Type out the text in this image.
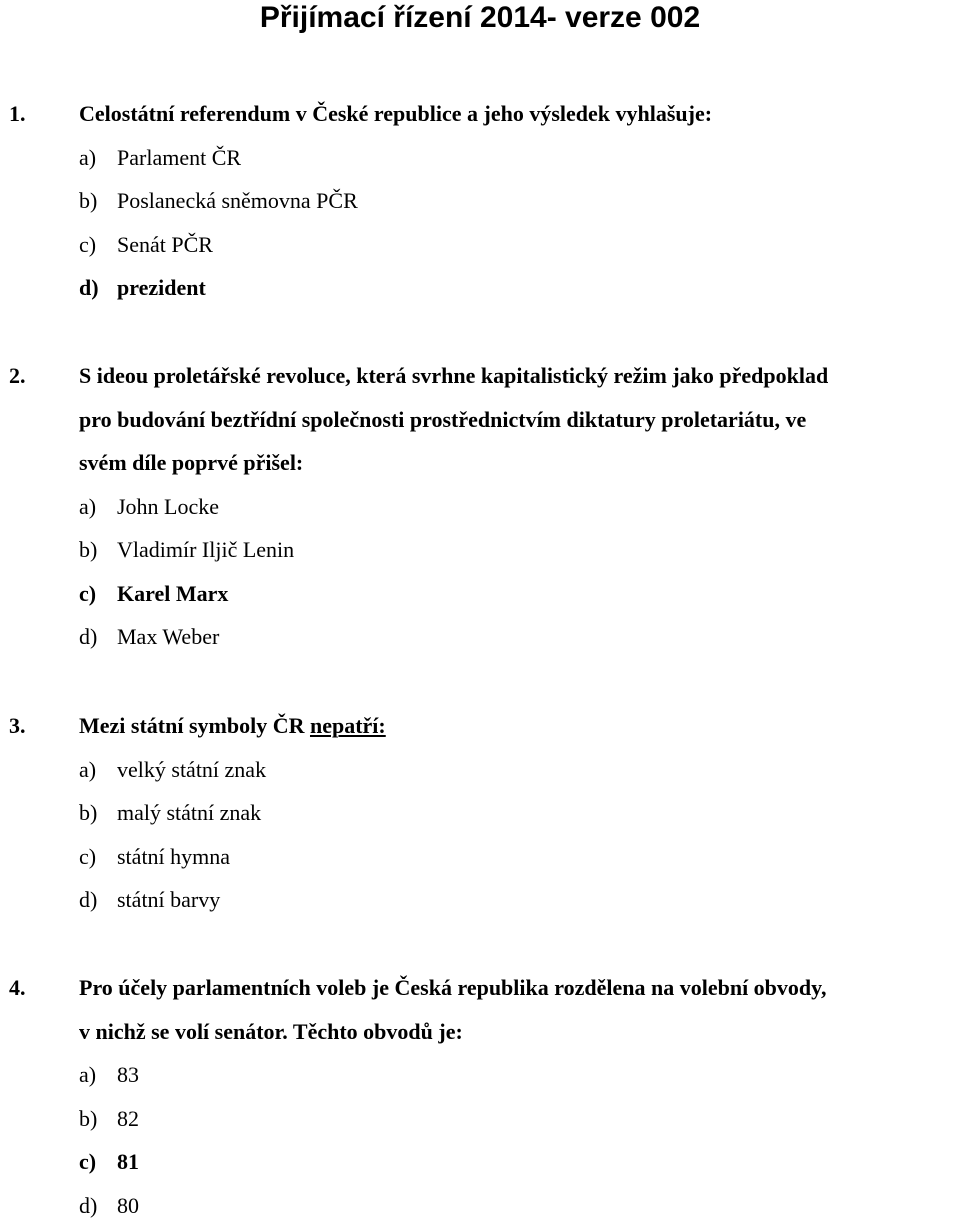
Přijímací řízení 2014- verze 002
1.	Celostátní referendum v České republice a jeho výsledek vyhlašuje:
a) Parlament ČR
b) Poslanecká sněmovna PČR
c) Senát PČR
d) prezident
2.	S ideou proletářské revoluce, která svrhne kapitalistický režim jako předpoklad
pro budování beztřídní společnosti prostřednictvím diktatury proletariátu, ve
svém díle poprvé přišel:
a) John Locke
b) Vladimír Iljič Lenin
c) Karel Marx
d) Max Weber
3.	Mezi státní symboly ČR nepatří:
a) velký státní znak
b) malý státní znak
c) státní hymna
d) státní barvy
4.	Pro účely parlamentních voleb je Česká republika rozdělena na volební obvody,
v nichž se volí senátor. Těchto obvodů je:
a) 83
b) 82
c) 81
d) 80
